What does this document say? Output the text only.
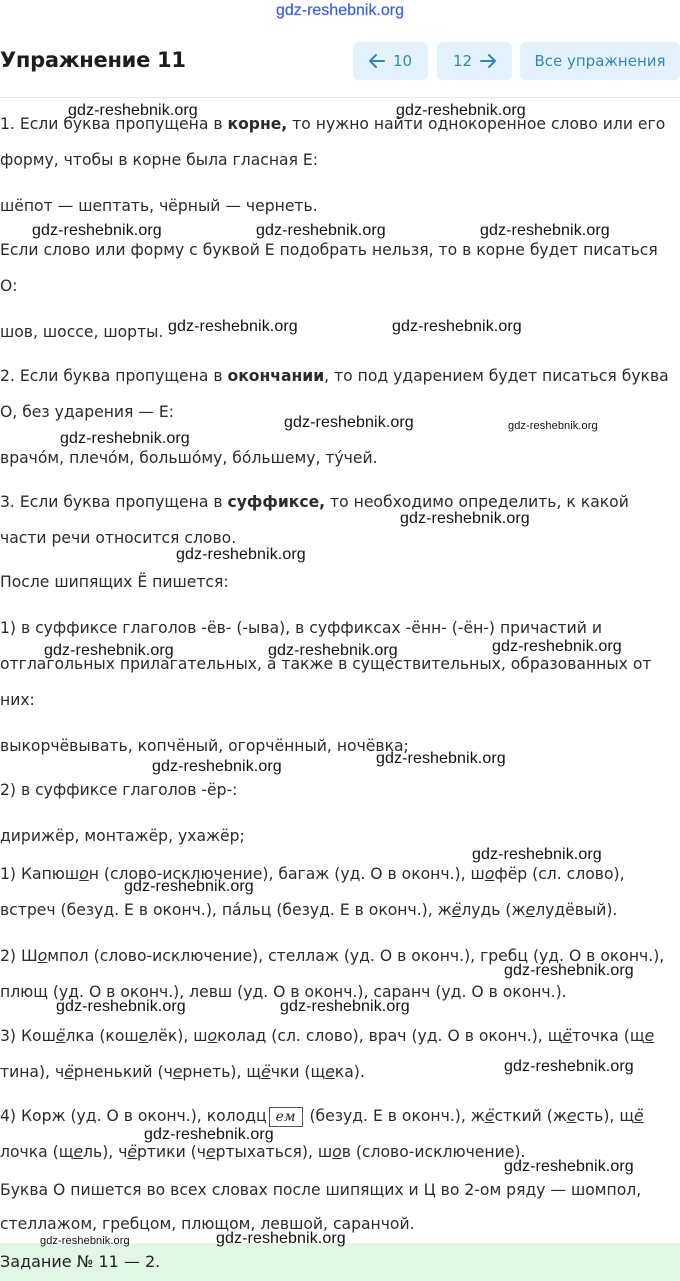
gdz-reshebnik.org
Упражнение 11	10	12	Все упражнения
1. Если буква пропущена в корне, то нужно найти однокоренное слово или его
форму, чтобы в корне была гласная Е:
шёпот — шептать, чёрный — чернеть.
Если слово или форму с буквой Е подобрать нельзя, то в корне будет писаться
О:
шов, шоссе, шорты.
2. Если буква пропущена в окончании, то под ударением будет писаться буква
О, без ударения — Е:
врачо́м, плечо́м, большо́му, бо́льшему, ту́чей.
3. Если буква пропущена в суффиксе, то необходимо определить, к какой
части речи относится слово.
После шипящих Ё пишется:
1) в суффиксе глаголов -ёв- (-ыва), в суффиксах -ённ- (-ён-) причастий и
отглагольных прилагательных, а также в существительных, образованных от
них:
выкорчёвывать, копчёный, огорчённый, ночёвка;
2) в суффиксе глаголов -ёр-:
дирижёр, монтажёр, ухажёр;
1) Капюшон (слово-исключение), багаж (уд. О в оконч.), шофёр (сл. слово),
встреч (безуд. Е в оконч.), па́льц (безуд. Е в оконч.), жёлудь (желудёвый).
2) Шомпол (слово-исключение), стеллаж (уд. О в оконч.), гребц (уд. О в оконч.),
плющ (уд. О в оконч.), левш (уд. О в оконч.), саранч (уд. О в оконч.).
3) Кошёлка (кошелёк), шоколад (сл. слово), врач (уд. О в оконч.), щёточка (ще
тина), чёрненький (чернеть), щёчки (щека).
4) Корж (уд. О в оконч.), колодц ем (безуд. Е в оконч.), жёсткий (жесть), щё
лочка (щель), чёртики (чертыхаться), шов (слово-исключение).
Буква О пишется во всех словах после шипящих и Ц во 2-ом ряду — шомпол,
стеллажом, гребцом, плющом, левшой, саранчой.
gdz-reshebnik.org	gdz-reshebnik.org
gdz-reshebnik.org	gdz-reshebnik.org	gdz-reshebnik.org
gdz-reshebnik.org	gdz-reshebnik.org
gdz-reshebnik.org	gdz-reshebnik.org
gdz-reshebnik.org
gdz-reshebnik.org
gdz-reshebnik.org
gdz-reshebnik.org	gdz-reshebnik.org	gdz-reshebnik.org
gdz-reshebnik.org
gdz-reshebnik.org
gdz-reshebnik.org
gdz-reshebnik.org
gdz-reshebnik.org
gdz-reshebnik.org	gdz-reshebnik.org
gdz-reshebnik.org
gdz-reshebnik.org
gdz-reshebnik.org
Задание № 11 — 2.
gdz-reshebnik.org	gdz-reshebnik.org
